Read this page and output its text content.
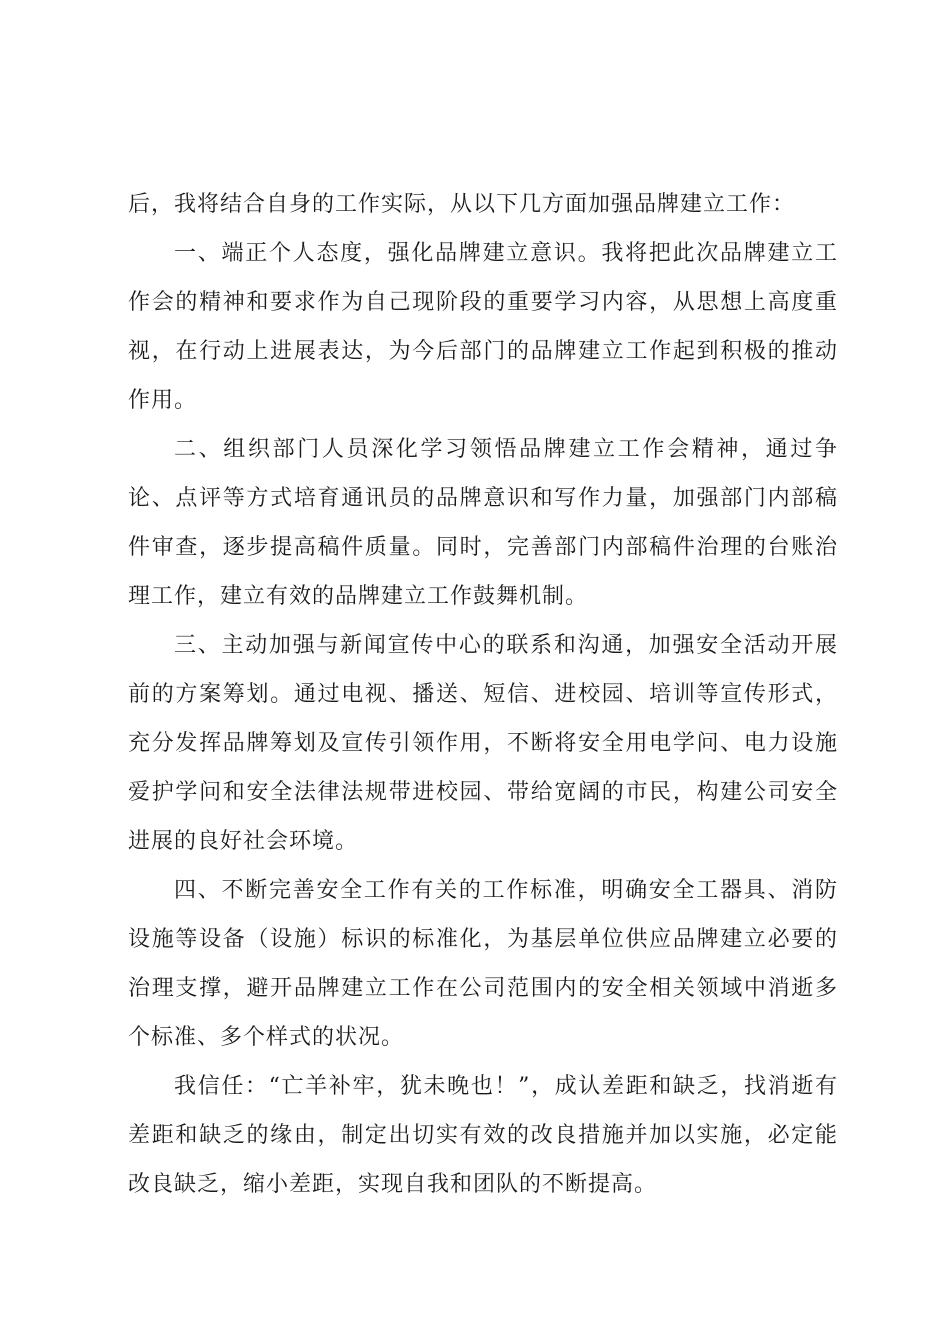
后，我将结合自身的工作实际，从以下几方面加强品牌建立工作：

一、端正个人态度，强化品牌建立意识。我将把此次品牌建立工作会的精神和要求作为自己现阶段的重要学习内容，从思想上高度重视，在行动上进展表达，为今后部门的品牌建立工作起到积极的推动作用。

二、组织部门人员深化学习领悟品牌建立工作会精神，通过争论、点评等方式培育通讯员的品牌意识和写作力量，加强部门内部稿件审查，逐步提高稿件质量。同时，完善部门内部稿件治理的台账治理工作，建立有效的品牌建立工作鼓舞机制。

三、主动加强与新闻宣传中心的联系和沟通，加强安全活动开展前的方案筹划。通过电视、播送、短信、进校园、培训等宣传形式，充分发挥品牌筹划及宣传引领作用，不断将安全用电学问、电力设施爱护学问和安全法律法规带进校园、带给宽阔的市民，构建公司安全进展的良好社会环境。

四、不断完善安全工作有关的工作标准，明确安全工器具、消防设施等设备（设施）标识的标准化，为基层单位供应品牌建立必要的治理支撑，避开品牌建立工作在公司范围内的安全相关领域中消逝多个标准、多个样式的状况。

我信任：“亡羊补牢，犹未晚也！”，成认差距和缺乏，找消逝有差距和缺乏的缘由，制定出切实有效的改良措施并加以实施，必定能改良缺乏，缩小差距，实现自我和团队的不断提高。
